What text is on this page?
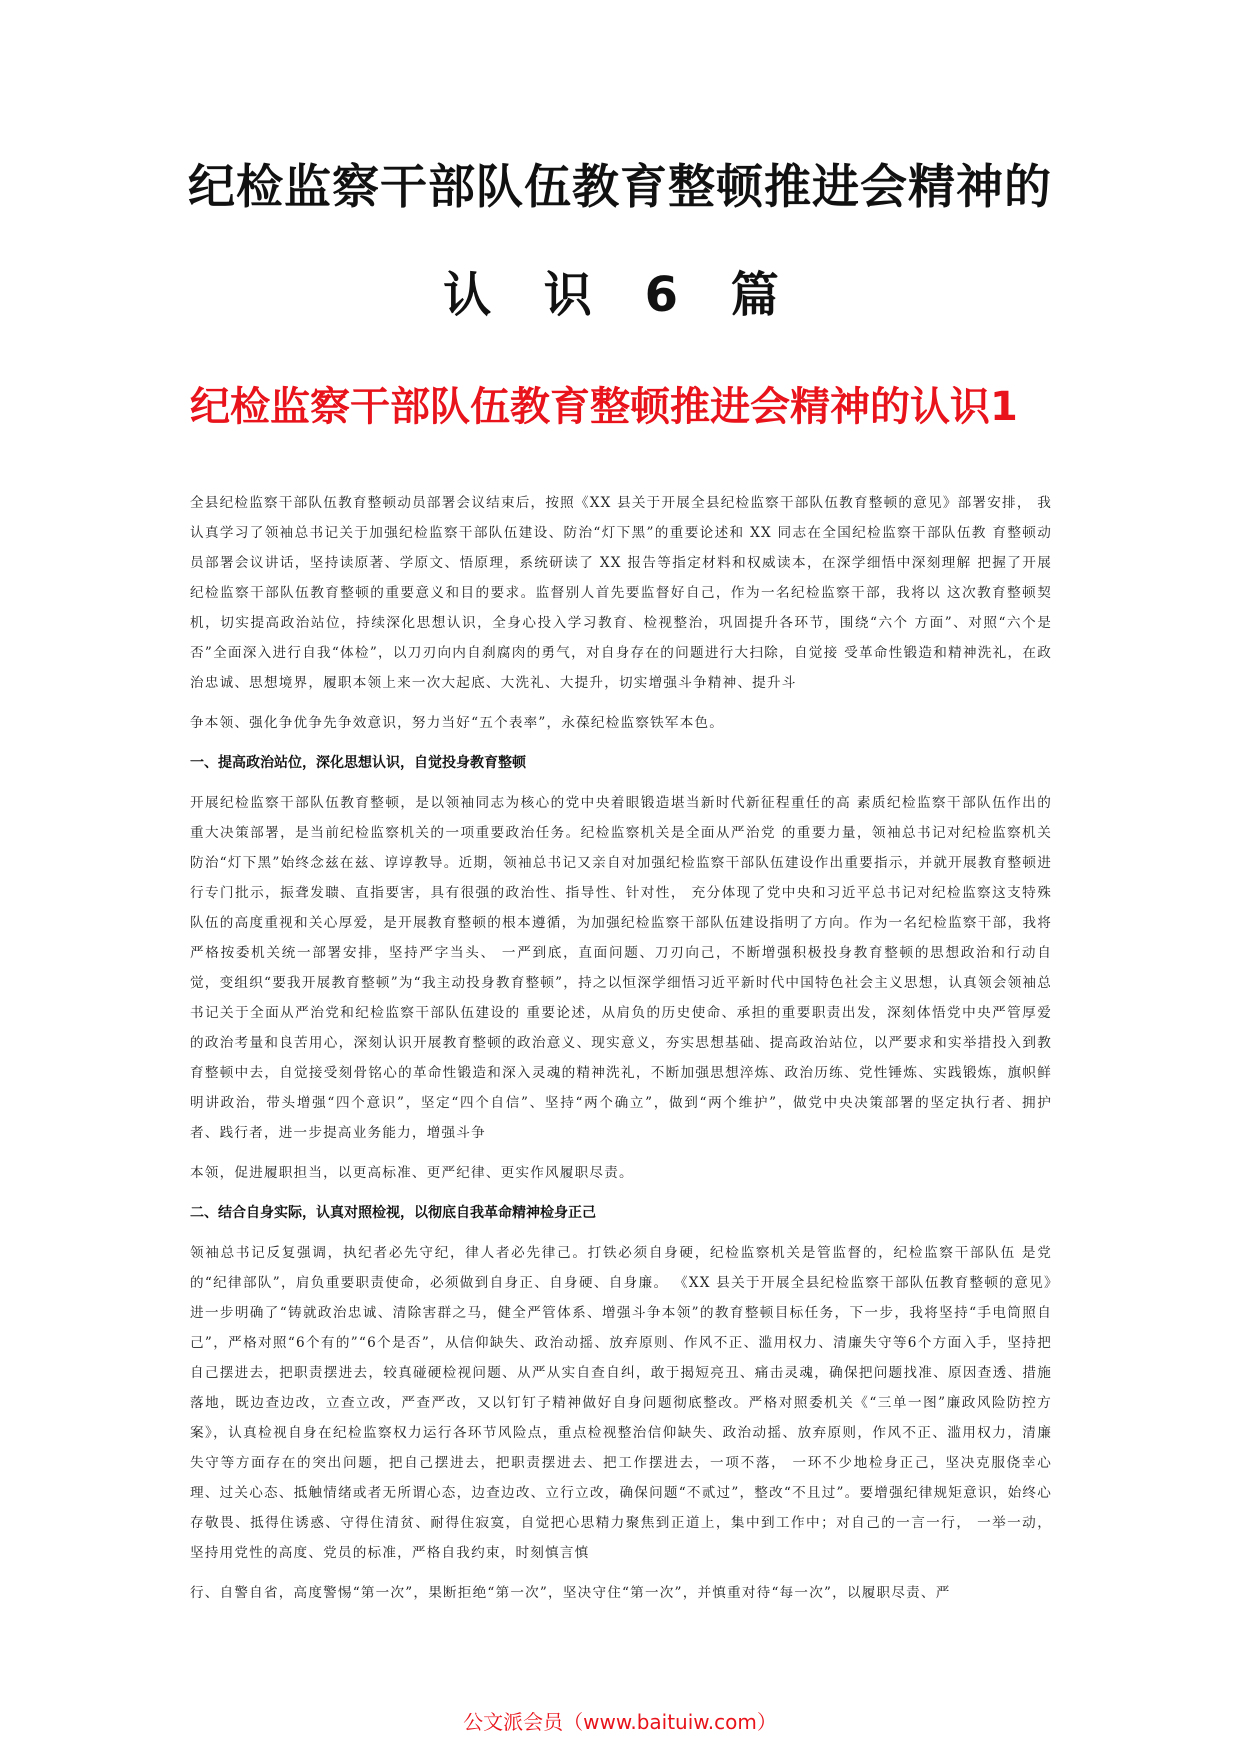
纪检监察干部队伍教育整顿推进会精神的
认 识 6 篇
纪检监察干部队伍教育整顿推进会精神的认识1

全县纪检监察干部队伍教育整顿动员部署会议结束后，按照《XX 县关于开展全县纪检监察干部队伍教育整顿的意见》部署安排， 我认真学习了领袖总书记关于加强纪检监察干部队伍建设、防治“灯下黑”的重要论述和 XX 同志在全国纪检监察干部队伍教 育整顿动员部署会议讲话，坚持读原著、学原文、悟原理，系统研读了 XX 报告等指定材料和权威读本，在深学细悟中深刻理解 把握了开展纪检监察干部队伍教育整顿的重要意义和目的要求。监督别人首先要监督好自己，作为一名纪检监察干部，我将以 这次教育整顿契机，切实提高政治站位，持续深化思想认识，全身心投入学习教育、检视整治，巩固提升各环节，围绕“六个 方面”、对照“六个是否”全面深入进行自我“体检”，以刀刃向内自刹腐肉的勇气，对自身存在的问题进行大扫除，自觉接 受革命性锻造和精神洗礼，在政治忠诚、思想境界，履职本领上来一次大起底、大洗礼、大提升，切实增强斗争精神、提升斗

争本领、强化争优争先争效意识，努力当好“五个表率”，永葆纪检监察铁军本色。

一、提高政治站位，深化思想认识，自觉投身教育整顿

开展纪检监察干部队伍教育整顿，是以领袖同志为核心的党中央着眼锻造堪当新时代新征程重任的高 素质纪检监察干部队伍作出的重大决策部署，是当前纪检监察机关的一项重要政治任务。纪检监察机关是全面从严治党 的重要力量，领袖总书记对纪检监察机关防治“灯下黑”始终念兹在兹、谆谆教导。近期，领袖总书记又亲自对加强纪检监察干部队伍建设作出重要指示，并就开展教育整顿进行专门批示，振聋发聩、直指要害，具有很强的政治性、指导性、针对性， 充分体现了党中央和习近平总书记对纪检监察这支特殊队伍的高度重视和关心厚爱，是开展教育整顿的根本遵循，为加强纪检监察干部队伍建设指明了方向。作为一名纪检监察干部，我将严格按委机关统一部署安排，坚持严字当头、 一严到底，直面问题、刀刃向己，不断增强积极投身教育整顿的思想政治和行动自觉，变组织“要我开展教育整顿”为“我主动投身教育整顿”，持之以恒深学细悟习近平新时代中国特色社会主义思想，认真领会领袖总书记关于全面从严治党和纪检监察干部队伍建设的 重要论述，从肩负的历史使命、承担的重要职责出发，深刻体悟党中央严管厚爱的政治考量和良苦用心，深刻认识开展教育整顿的政治意义、现实意义，夯实思想基础、提高政治站位，以严要求和实举措投入到教育整顿中去，自觉接受刻骨铭心的革命性锻造和深入灵魂的精神洗礼，不断加强思想淬炼、政治历练、党性锤炼、实践锻炼，旗帜鲜明讲政治，带头增强“四个意识”，坚定“四个自信”、坚持“两个确立”，做到“两个维护”，做党中央决策部署的坚定执行者、拥护者、践行者，进一步提高业务能力，增强斗争

本领，促进履职担当，以更高标准、更严纪律、更实作风履职尽责。

二、结合自身实际，认真对照检视，以彻底自我革命精神检身正己

领袖总书记反复强调，执纪者必先守纪，律人者必先律己。打铁必须自身硬，纪检监察机关是管监督的，纪检监察干部队伍 是党的“纪律部队”，肩负重要职责使命，必须做到自身正、自身硬、自身廉。 《XX 县关于开展全县纪检监察干部队伍教育整顿的意见》进一步明确了“铸就政治忠诚、清除害群之马，健全严管体系、增强斗争本领”的教育整顿目标任务，下一步，我将坚持“手电筒照自己”，严格对照“6个有的”“6个是否”，从信仰缺失、政治动摇、放弃原则、作风不正、滥用权力、清廉失守等6个方面入手，坚持把自己摆进去，把职责摆进去，较真碰硬检视问题、从严从实自查自纠，敢于揭短亮丑、痛击灵魂，确保把问题找准、原因查透、措施落地，既边查边改，立查立改，严查严改，又以钉钉子精神做好自身问题彻底整改。严格对照委机关《“三单一图”廉政风险防控方案》，认真检视自身在纪检监察权力运行各环节风险点，重点检视整治信仰缺失、政治动摇、放弃原则，作风不正、滥用权力，清廉失守等方面存在的突出问题，把自己摆进去，把职责摆进去、把工作摆进去，一项不落， 一环不少地检身正己，坚决克服侥幸心理、过关心态、抵触情绪或者无所谓心态，边查边改、立行立改，确保问题“不贰过”，整改“不且过”。要增强纪律规矩意识，始终心存敬畏、抵得住诱惑、守得住清贫、耐得住寂寞，自觉把心思精力聚焦到正道上，集中到工作中；对自己的一言一行， 一举一动，坚持用党性的高度、党员的标准，严格自我约束，时刻慎言慎

行、自警自省，高度警惕“第一次”，果断拒绝“第一次”，坚决守住“第一次”，并慎重对待“每一次”，以履职尽责、严

公文派会员（www.baituiw.com）
